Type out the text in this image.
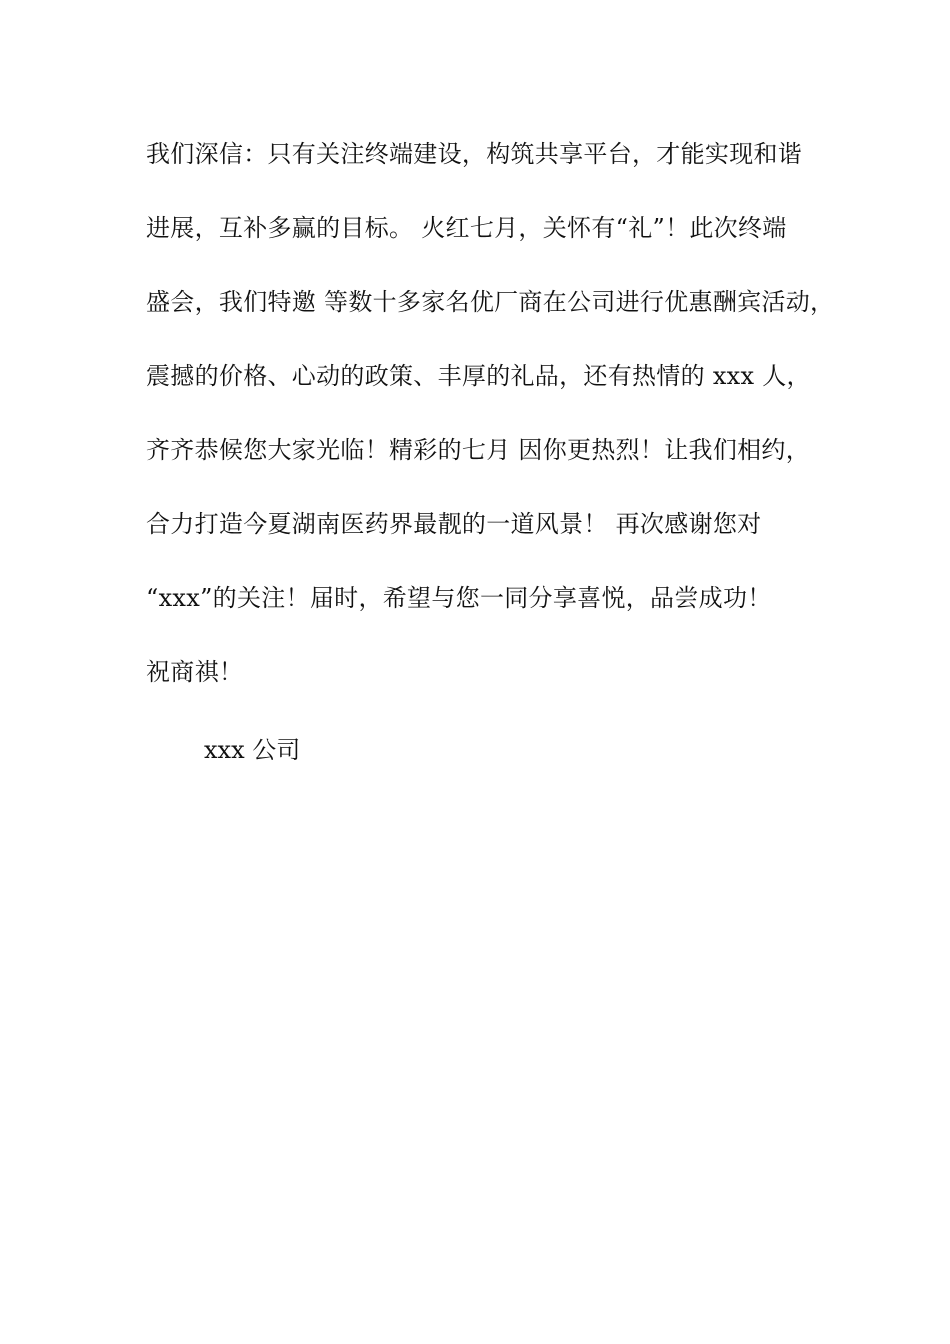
我们深信：只有关注终端建设，构筑共享平台，才能实现和谐
进展，互补多赢的目标。 火红七月，关怀有“礼”！此次终端
盛会，我们特邀 等数十多家名优厂商在公司进行优惠酬宾活动，
震撼的价格、心动的政策、丰厚的礼品，还有热情的 xxx 人，
齐齐恭候您大家光临！精彩的七月 因你更热烈！让我们相约，
合力打造今夏湖南医药界最靓的一道风景！ 再次感谢您对
“xxx”的关注！届时，希望与您一同分享喜悦，品尝成功！
祝商祺！
xxx 公司
